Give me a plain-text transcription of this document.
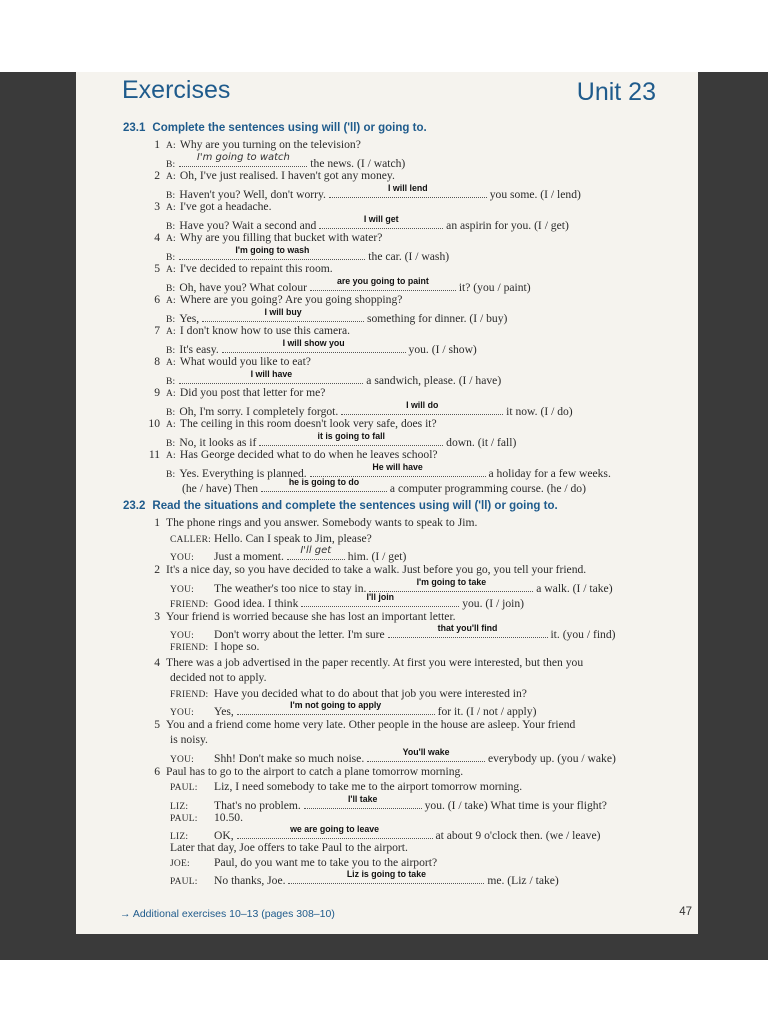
Exercises	Unit 23
23.1 Complete the sentences using will ('ll) or going to.
1 A: Why are you turning on the television?
B:
I'm going to watch	the news. (I / watch)
2 A: Oh, I've just realised. I haven't got any money.
B: Haven't you? Well, don't worry.	I will lend	you some. (I / lend)
3 A: I've got a headache.
B: Have you? Wait a second and	I will get	an aspirin for you. (I / get)
4 A: Why are you filling that bucket with water?
B:
I'm going to wash	the car. (I / wash)
5 A: I've decided to repaint this room.
B: Oh, have you? What colour	are you going to paint	it? (you / paint)
6 A: Where are you going? Are you going shopping?
B: Yes,	I will buy	something for dinner. (I / buy)
7 A: I don't know how to use this camera.
B: It's easy.	I will show you	you. (I / show)
8 A: What would you like to eat?
B:
I will have	a sandwich, please. (I / have)
9 A: Did you post that letter for me?
B: Oh, I'm sorry. I completely forgot.	I will do	it now. (I / do)
10 A: The ceiling in this room doesn't look very safe, does it?
B: No, it looks as if	it is going to fall	down. (it / fall)
11 A: Has George decided what to do when he leaves school?
B: Yes. Everything is planned.	He will have	a holiday for a few weeks.
(he / have) Then	he is going to do	a computer programming course. (he / do)
23.2 Read the situations and complete the sentences using will ('ll) or going to.
1 The phone rings and you answer. Somebody wants to speak to Jim.
CALLER: Hello. Can I speak to Jim, please?
YOU: Just a moment.	I'll get	him. (I / get)
2 It's a nice day, so you have decided to take a walk. Just before you go, you tell your friend.
YOU: The weather's too nice to stay in.	I'm going to take	a walk. (I / take)
FRIEND: Good idea. I think	I'll join	you. (I / join)
3 Your friend is worried because she has lost an important letter.
YOU: Don't worry about the letter. I'm sure	that you'll find	it. (you / find)
FRIEND: I hope so.
4 There was a job advertised in the paper recently. At first you were interested, but then you
decided not to apply.
FRIEND: Have you decided what to do about that job you were interested in?
YOU: Yes,	I'm not going to apply	for it. (I / not / apply)
5 You and a friend come home very late. Other people in the house are asleep. Your friend
is noisy.
YOU: Shh! Don't make so much noise.	You'll wake	everybody up. (you / wake)
6 Paul has to go to the airport to catch a plane tomorrow morning.
PAUL: Liz, I need somebody to take me to the airport tomorrow morning.
LIZ: That's no problem.	I'll take	you. (I / take) What time is your flight?
PAUL: 10.50.
LIZ: OK,	we are going to leave	at about 9 o'clock then. (we / leave)
Later that day, Joe offers to take Paul to the airport.
JOE: Paul, do you want me to take you to the airport?
PAUL: No thanks, Joe.	Liz is going to take	me. (Liz / take)
→ Additional exercises 10–13 (pages 308–10)	47
